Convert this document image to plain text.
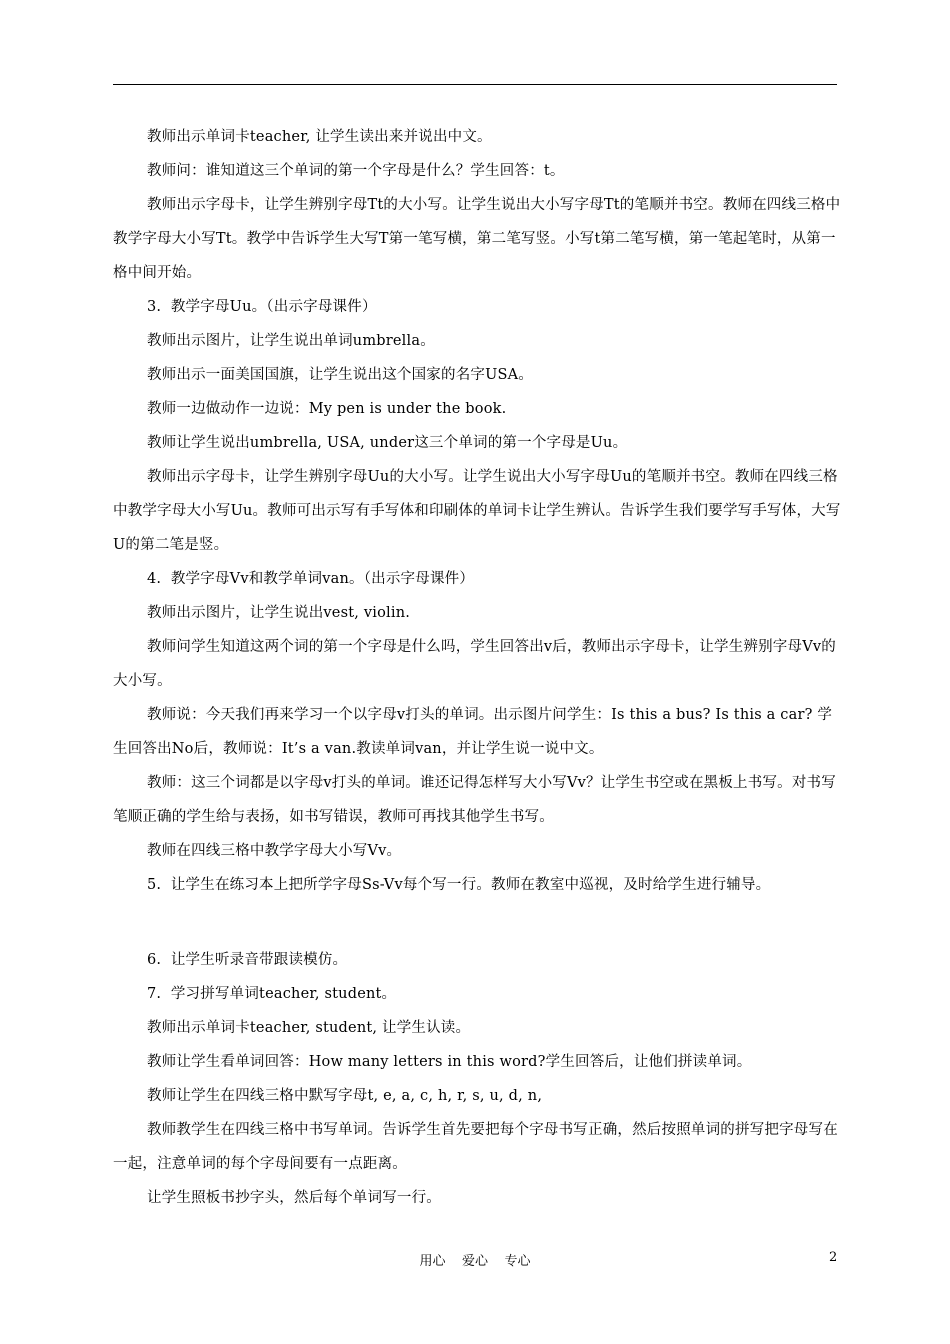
教师出示单词卡teacher, 让学生读出来并说出中文。

教师问：谁知道这三个单词的第一个字母是什么？学生回答：t。

教师出示字母卡，让学生辨别字母Tt的大小写。让学生说出大小写字母Tt的笔顺并书空。教师在四线三格中教学字母大小写Tt。教学中告诉学生大写T第一笔写横，第二笔写竖。小写t第二笔写横，第一笔起笔时，从第一格中间开始。

3.  教学字母Uu。（出示字母课件）

教师出示图片，让学生说出单词umbrella。

教师出示一面美国国旗，让学生说出这个国家的名字USA。

教师一边做动作一边说：My pen is under the book.

教师让学生说出umbrella, USA, under这三个单词的第一个字母是Uu。

教师出示字母卡，让学生辨别字母Uu的大小写。让学生说出大小写字母Uu的笔顺并书空。教师在四线三格中教学字母大小写Uu。教师可出示写有手写体和印刷体的单词卡让学生辨认。告诉学生我们要学写手写体，大写U的第二笔是竖。

4.  教学字母Vv和教学单词van。（出示字母课件）

教师出示图片，让学生说出vest, violin.

教师问学生知道这两个词的第一个字母是什么吗，学生回答出v后，教师出示字母卡，让学生辨别字母Vv的大小写。

教师说：今天我们再来学习一个以字母v打头的单词。出示图片问学生：Is this a bus? Is this a car? 学生回答出No后，教师说：It’s a van.教读单词van，并让学生说一说中文。

教师：这三个词都是以字母v打头的单词。谁还记得怎样写大小写Vv？让学生书空或在黑板上书写。对书写笔顺正确的学生给与表扬，如书写错误，教师可再找其他学生书写。

教师在四线三格中教学字母大小写Vv。

5.  让学生在练习本上把所学字母Ss-Vv每个写一行。教师在教室中巡视，及时给学生进行辅导。

6.  让学生听录音带跟读模仿。

7.  学习拼写单词teacher, student。

教师出示单词卡teacher, student, 让学生认读。

教师让学生看单词回答：How many letters in this word?学生回答后，让他们拼读单词。

教师让学生在四线三格中默写字母t, e, a, c, h, r, s, u, d, n,

教师教学生在四线三格中书写单词。告诉学生首先要把每个字母书写正确，然后按照单词的拼写把字母写在一起，注意单词的每个字母间要有一点距离。

让学生照板书抄字头，然后每个单词写一行。

用心    爱心    专心	2
